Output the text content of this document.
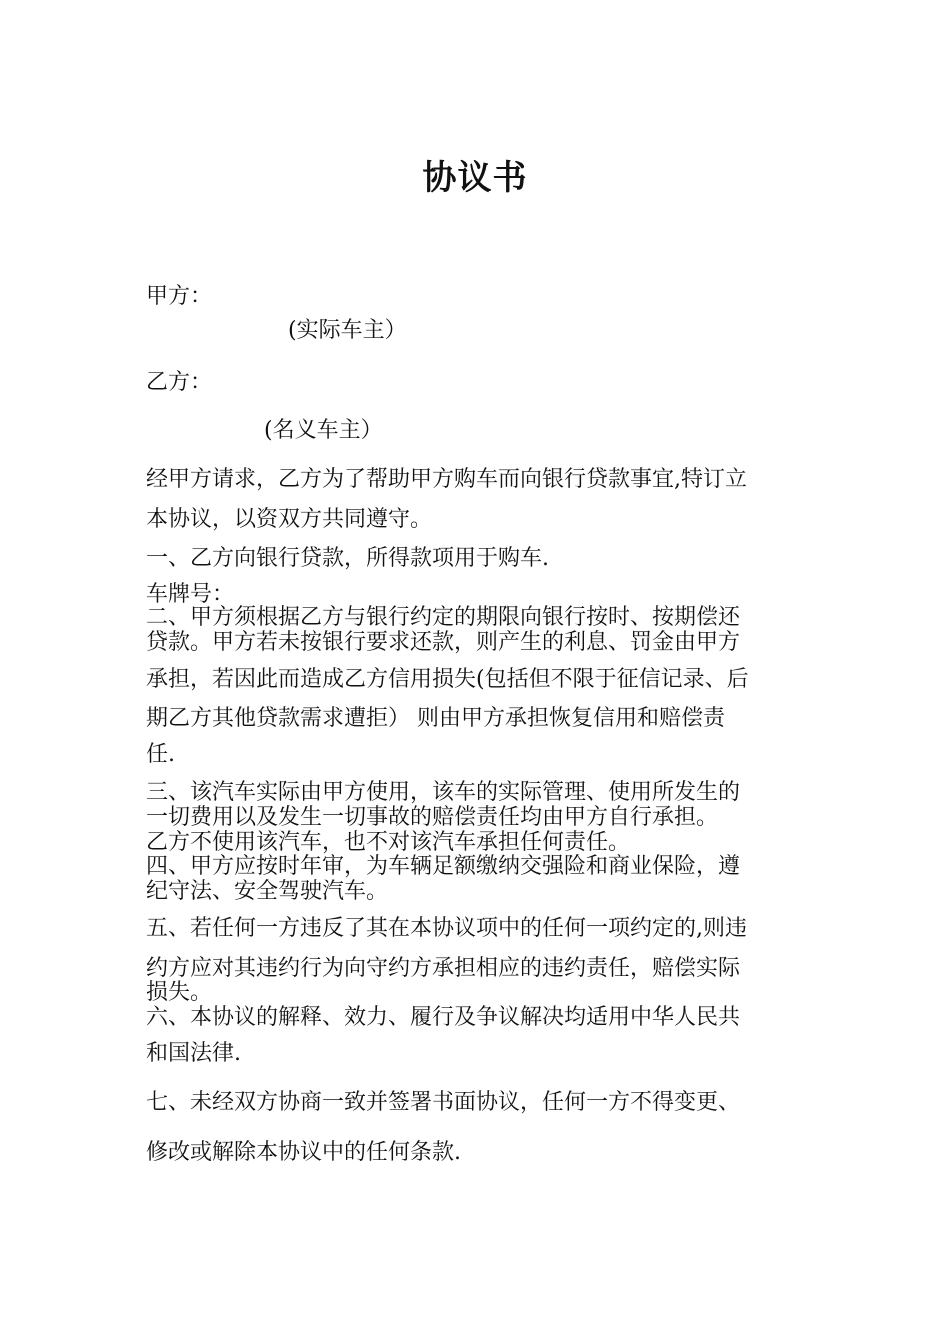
协议书
甲方：
(实际车主）
乙方：
(名义车主）
经甲方请求，乙方为了帮助甲方购车而向银行贷款事宜,特订立
本协议，以资双方共同遵守。
一、乙方向银行贷款，所得款项用于购车.
车牌号：
二、甲方须根据乙方与银行约定的期限向银行按时、按期偿还
贷款。甲方若未按银行要求还款，则产生的利息、罚金由甲方
承担，若因此而造成乙方信用损失(包括但不限于征信记录、后
期乙方其他贷款需求遭拒） 则由甲方承担恢复信用和赔偿责
任.
三、该汽车实际由甲方使用，该车的实际管理、使用所发生的
一切费用以及发生一切事故的赔偿责任均由甲方自行承担。
乙方不使用该汽车，也不对该汽车承担任何责任。
四、甲方应按时年审，为车辆足额缴纳交强险和商业保险，遵
纪守法、安全驾驶汽车。
五、若任何一方违反了其在本协议项中的任何一项约定的,则违
约方应对其违约行为向守约方承担相应的违约责任，赔偿实际
损失。
六、本协议的解释、效力、履行及争议解决均适用中华人民共
和国法律.
七、未经双方协商一致并签署书面协议，任何一方不得变更、
修改或解除本协议中的任何条款.
